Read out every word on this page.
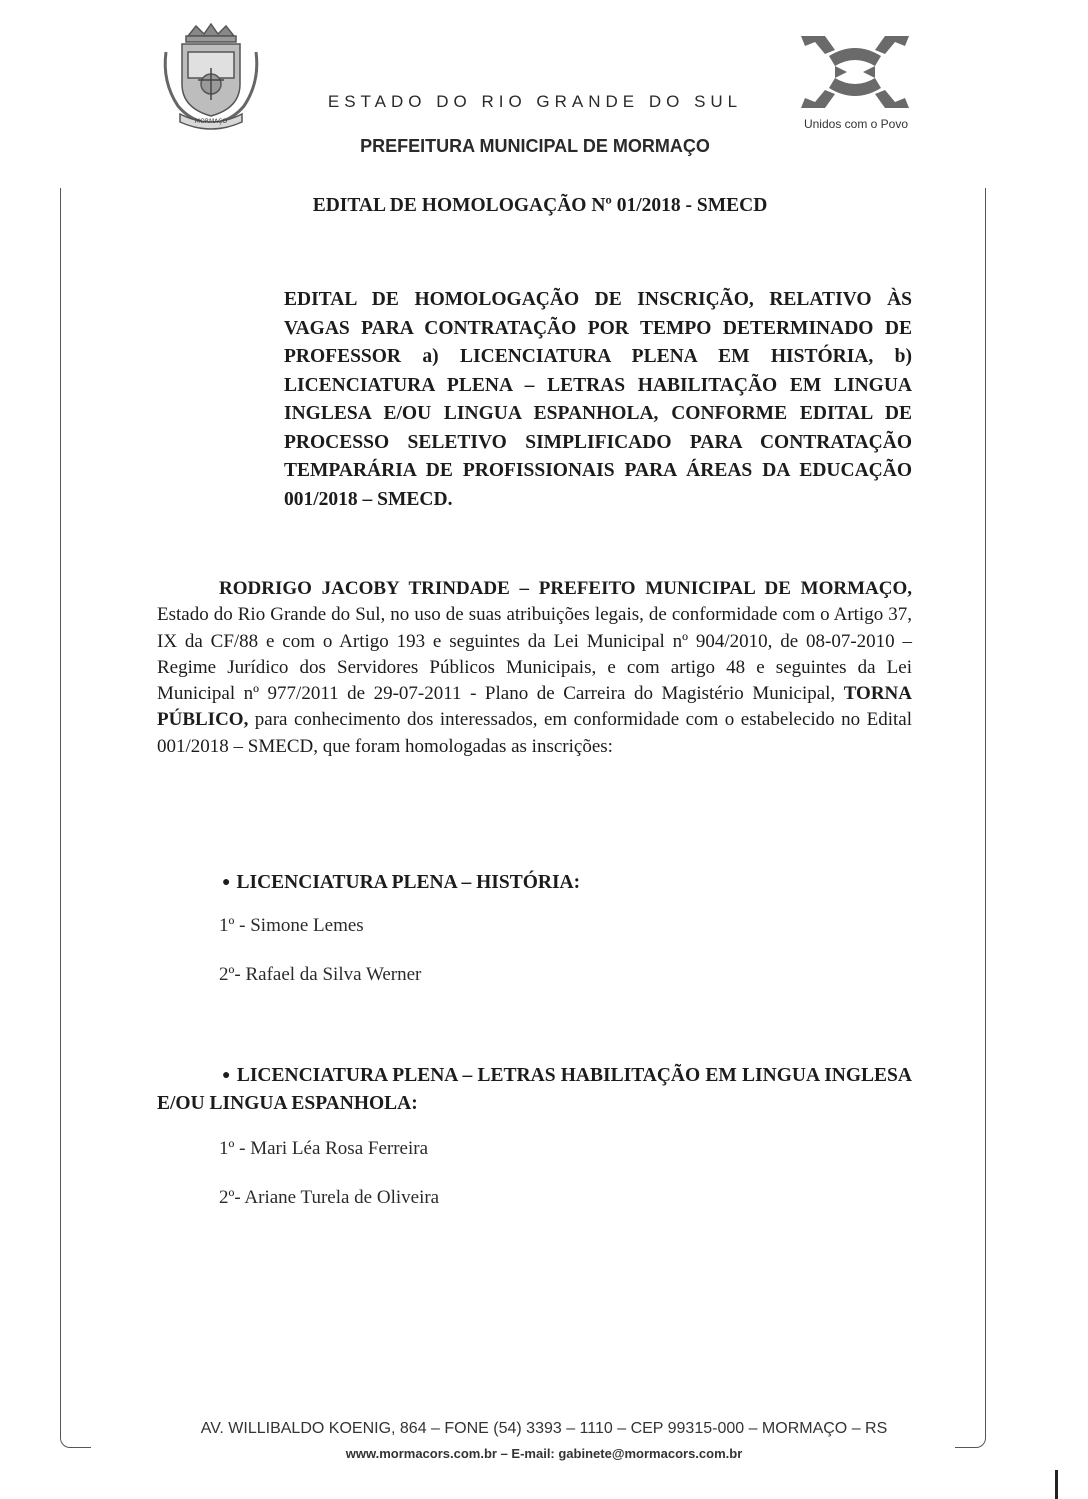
MORMAÇO
ESTADO DO RIO GRANDE DO SUL
PREFEITURA MUNICIPAL DE MORMAÇO
Unidos com o Povo
EDITAL DE HOMOLOGAÇÃO Nº 01/2018 - SMECD
EDITAL DE HOMOLOGAÇÃO DE INSCRIÇÃO, RELATIVO ÀS VAGAS PARA CONTRATAÇÃO POR TEMPO DETERMINADO DE PROFESSOR a) LICENCIATURA PLENA EM HISTÓRIA, b) LICENCIATURA PLENA – LETRAS HABILITAÇÃO EM LINGUA INGLESA E/OU LINGUA ESPANHOLA, CONFORME EDITAL DE PROCESSO SELETIVO SIMPLIFICADO PARA CONTRATAÇÃO TEMPARÁRIA DE PROFISSIONAIS PARA ÁREAS DA EDUCAÇÃO 001/2018 – SMECD.
RODRIGO JACOBY TRINDADE – PREFEITO MUNICIPAL DE MORMAÇO, Estado do Rio Grande do Sul, no uso de suas atribuições legais, de conformidade com o Artigo 37, IX da CF/88 e com o Artigo 193 e seguintes da Lei Municipal nº 904/2010, de 08-07-2010 – Regime Jurídico dos Servidores Públicos Municipais, e com artigo 48 e seguintes da Lei Municipal nº 977/2011 de 29-07-2011 - Plano de Carreira do Magistério Municipal, TORNA PÚBLICO, para conhecimento dos interessados, em conformidade com o estabelecido no Edital 001/2018 – SMECD, que foram homologadas as inscrições:
● LICENCIATURA PLENA – HISTÓRIA:
1º - Simone Lemes
2º- Rafael da Silva Werner
● LICENCIATURA PLENA – LETRAS HABILITAÇÃO EM LINGUA INGLESA E/OU LINGUA ESPANHOLA:
1º - Mari Léa Rosa Ferreira
2º- Ariane Turela de Oliveira
AV. WILLIBALDO KOENIG, 864 – FONE (54) 3393 – 1110 – CEP 99315-000 – MORMAÇO – RS
www.mormacors.com.br – E-mail: gabinete@mormacors.com.br
